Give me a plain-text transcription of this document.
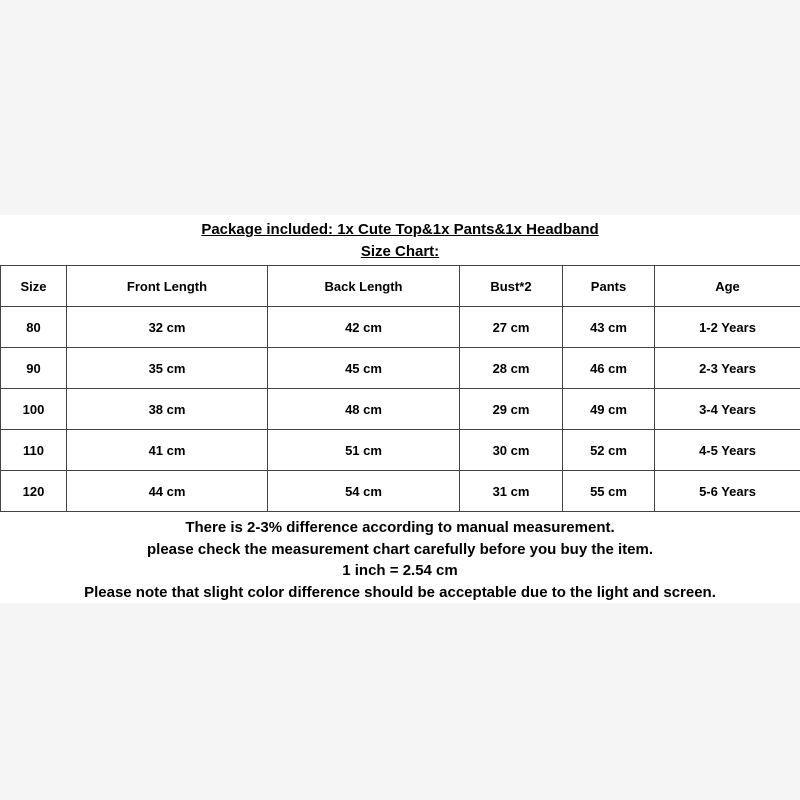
Package included: 1x Cute Top&1x Pants&1x Headband
Size Chart:
Size	Front Length	Back Length	Bust*2	Pants	Age
80	32 cm	42 cm	27 cm	43 cm	1-2 Years
90	35 cm	45 cm	28 cm	46 cm	2-3 Years
100	38 cm	48 cm	29 cm	49 cm	3-4 Years
110	41 cm	51 cm	30 cm	52 cm	4-5 Years
120	44 cm	54 cm	31 cm	55 cm	5-6 Years
There is 2-3% difference according to manual measurement.
please check the measurement chart carefully before you buy the item.
1 inch = 2.54 cm
Please note that slight color difference should be acceptable due to the light and screen.
